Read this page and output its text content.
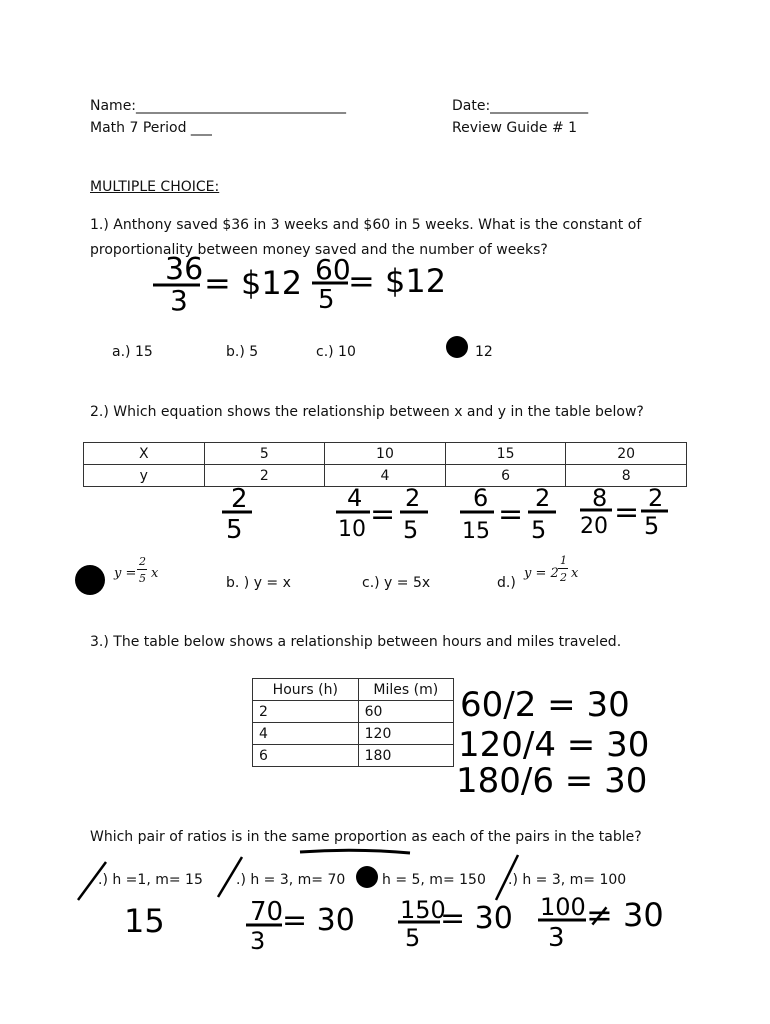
Name:______________________________	Date:______________
Math 7 Period ___	Review Guide # 1
MULTIPLE CHOICE:
1.) Anthony saved $36 in 3 weeks and $60 in 5 weeks. What is the constant of
proportionality between money saved and the number of weeks?
a.) 15	b.) 5	c.) 10	12
2.) Which equation shows the relationship between x and y in the table below?
X	5	10	15	20
y	2	4	6	8
y =
2
5 x
b. ) y = x	c.) y = 5x	d.)
y = 2
1
2 x
3.) The table below shows a relationship between hours and miles traveled.
Hours (h)	Miles (m)
2	60
4	120
6	180
Which pair of ratios is in the same proportion as each of the pairs in the table?
.) h =1, m= 15 .) h = 3, m= 70	h = 5, m= 150 .) h = 3, m= 100
36
3 = $12 60
5 = $12
2
5
4
10 = 2
5
6
15 = 2
5
8
20 = 2
5
60/2 = 30
120/4 = 30
180/6 = 30
15	70
3
= 30 150
5
= 30 100
3
≠ 30
